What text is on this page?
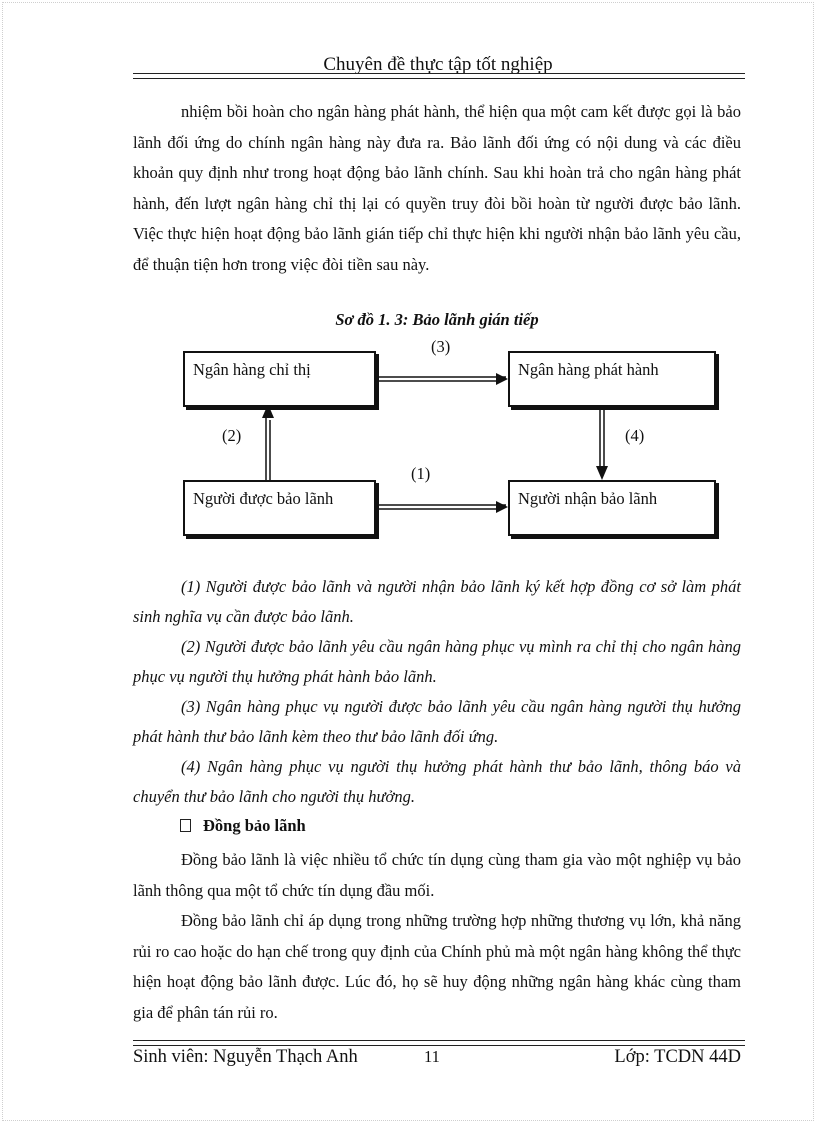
Chuyên đề thực tập tốt nghiệp

nhiệm bồi hoàn cho ngân hàng phát hành, thể hiện qua một cam kết được gọi là bảo lãnh đối ứng do chính ngân hàng này đưa ra. Bảo lãnh đối ứng có nội dung và các điều khoản quy định như trong hoạt động bảo lãnh chính. Sau khi hoàn trả cho ngân hàng phát hành, đến lượt ngân hàng chỉ thị lại có quyền truy đòi bồi hoàn từ người được bảo lãnh. Việc thực hiện hoạt động bảo lãnh gián tiếp chỉ thực hiện khi người nhận bảo lãnh yêu cầu, để thuận tiện hơn trong việc đòi tiền sau này.

Sơ đồ 1. 3: Bảo lãnh gián tiếp
Ngân hàng chỉ thị	Ngân hàng phát hành
Người được bảo lãnh	Người nhận bảo lãnh
(3)
(2)	(4)
(1)

(1) Người được bảo lãnh và người nhận bảo lãnh ký kết hợp đồng cơ sở làm phát sinh nghĩa vụ cần được bảo lãnh.

(2) Người được bảo lãnh yêu cầu ngân hàng phục vụ mình ra chỉ thị cho ngân hàng phục vụ người thụ hưởng phát hành bảo lãnh.

(3) Ngân hàng phục vụ người được bảo lãnh yêu cầu ngân hàng người thụ hưởng phát hành thư bảo lãnh kèm theo thư bảo lãnh đối ứng.

(4) Ngân hàng phục vụ người thụ hưởng phát hành thư bảo lãnh, thông báo và chuyển thư bảo lãnh cho người thụ hưởng.

Đồng bảo lãnh

Đồng bảo lãnh là việc nhiều tổ chức tín dụng cùng tham gia vào một nghiệp vụ bảo lãnh thông qua một tổ chức tín dụng đầu mối.

Đồng bảo lãnh chỉ áp dụng trong những trường hợp những thương vụ lớn, khả năng rủi ro cao hoặc do hạn chế trong quy định của Chính phủ mà một ngân hàng không thể thực hiện hoạt động bảo lãnh được. Lúc đó, họ sẽ huy động những ngân hàng khác cùng tham gia để phân tán rủi ro.

Sinh viên: Nguyễn Thạch Anh	11	Lớp: TCDN 44D
